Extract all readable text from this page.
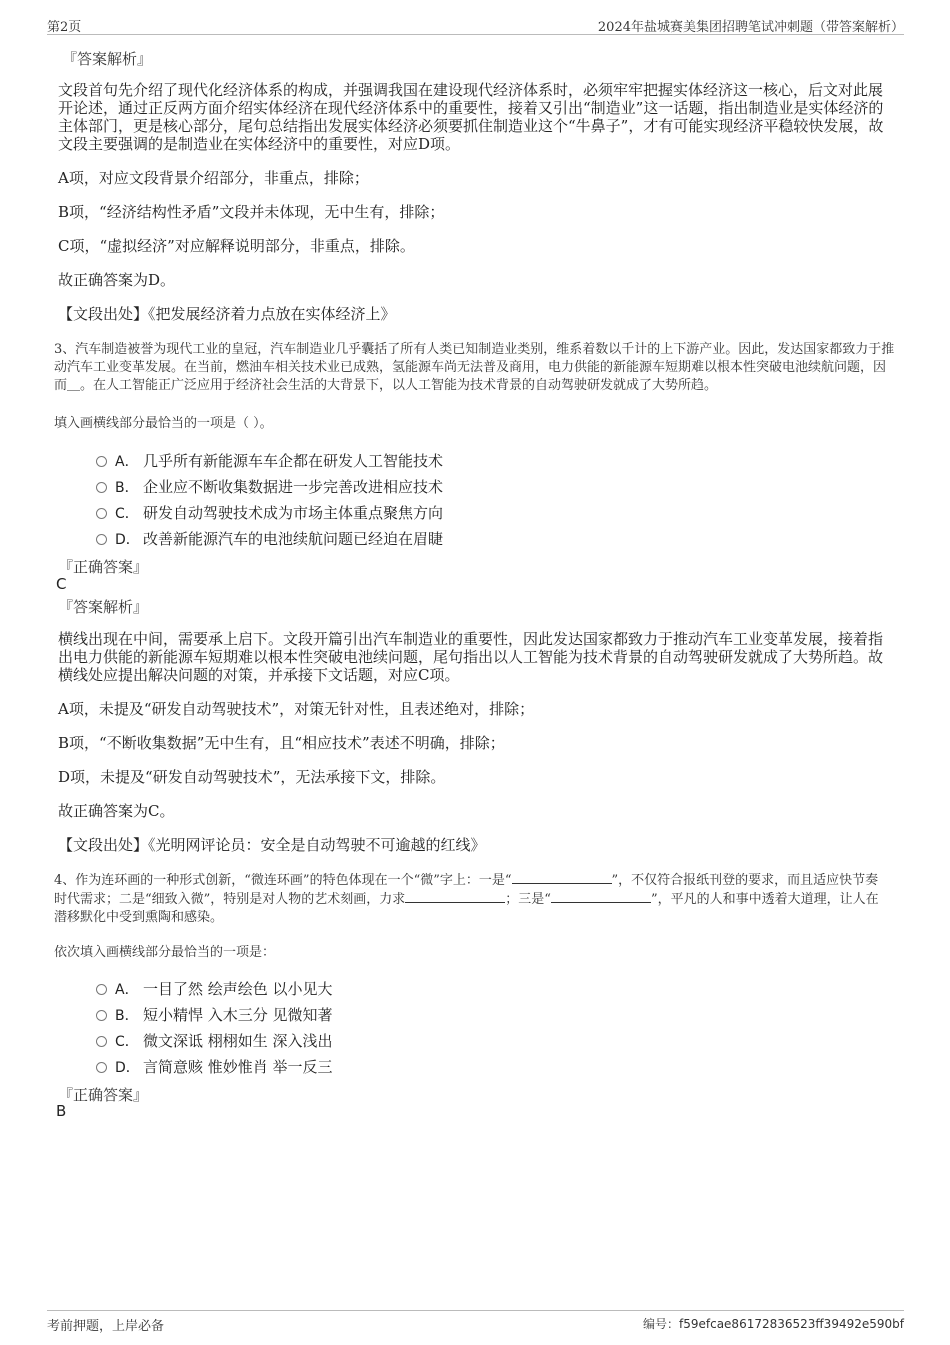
第2页	2024年盐城赛美集团招聘笔试冲刺题（带答案解析）
『答案解析』
文段首句先介绍了现代化经济体系的构成，并强调我国在建设现代经济体系时，必须牢牢把握实体经济这一核心，后文对此展开论述，通过正反两方面介绍实体经济在现代经济体系中的重要性，接着又引出“制造业”这一话题，指出制造业是实体经济的主体部门，更是核心部分，尾句总结指出发展实体经济必须要抓住制造业这个“牛鼻子”，才有可能实现经济平稳较快发展，故文段主要强调的是制造业在实体经济中的重要性，对应D项。
A项，对应文段背景介绍部分，非重点，排除；
B项，“经济结构性矛盾”文段并未体现，无中生有，排除；
C项，“虚拟经济”对应解释说明部分，非重点，排除。
故正确答案为D。
【文段出处】《把发展经济着力点放在实体经济上》
3、汽车制造被誉为现代工业的皇冠，汽车制造业几乎囊括了所有人类已知制造业类别，维系着数以千计的上下游产业。因此，发达国家都致力于推动汽车工业变革发展。在当前，燃油车相关技术业已成熟，氢能源车尚无法普及商用，电力供能的新能源车短期难以根本性突破电池续航问题，因而＿。在人工智能正广泛应用于经济社会生活的大背景下，以人工智能为技术背景的自动驾驶研发就成了大势所趋。
填入画横线部分最恰当的一项是（ ）。
A． 几乎所有新能源车车企都在研发人工智能技术
B． 企业应不断收集数据进一步完善改进相应技术
C． 研发自动驾驶技术成为市场主体重点聚焦方向
D． 改善新能源汽车的电池续航问题已经迫在眉睫
『正确答案』
C
『答案解析』
横线出现在中间，需要承上启下。文段开篇引出汽车制造业的重要性，因此发达国家都致力于推动汽车工业变革发展，接着指出电力供能的新能源车短期难以根本性突破电池续问题，尾句指出以人工智能为技术背景的自动驾驶研发就成了大势所趋。故横线处应提出解决问题的对策，并承接下文话题，对应C项。
A项，未提及“研发自动驾驶技术”，对策无针对性，且表述绝对，排除；
B项，“不断收集数据”无中生有，且“相应技术”表述不明确，排除；
D项，未提及“研发自动驾驶技术”，无法承接下文，排除。
故正确答案为C。
【文段出处】《光明网评论员：安全是自动驾驶不可逾越的红线》
4、作为连环画的一种形式创新，“微连环画”的特色体现在一个“微”字上：一是“	”，不仅符合报纸刊登的要求，而且适应快节奏
时代需求；二是“细致入微”，特别是对人物的艺术刻画，力求	；三是“	”，平凡的人和事中透着大道理，让人在
潜移默化中受到熏陶和感染。
依次填入画横线部分最恰当的一项是：
A． 一目了然 绘声绘色 以小见大
B． 短小精悍 入木三分 见微知著
C． 微文深诋 栩栩如生 深入浅出
D． 言简意赅 惟妙惟肖 举一反三
『正确答案』
B
考前押题，上岸必备	编号：f59efcae86172836523ff39492e590bf
